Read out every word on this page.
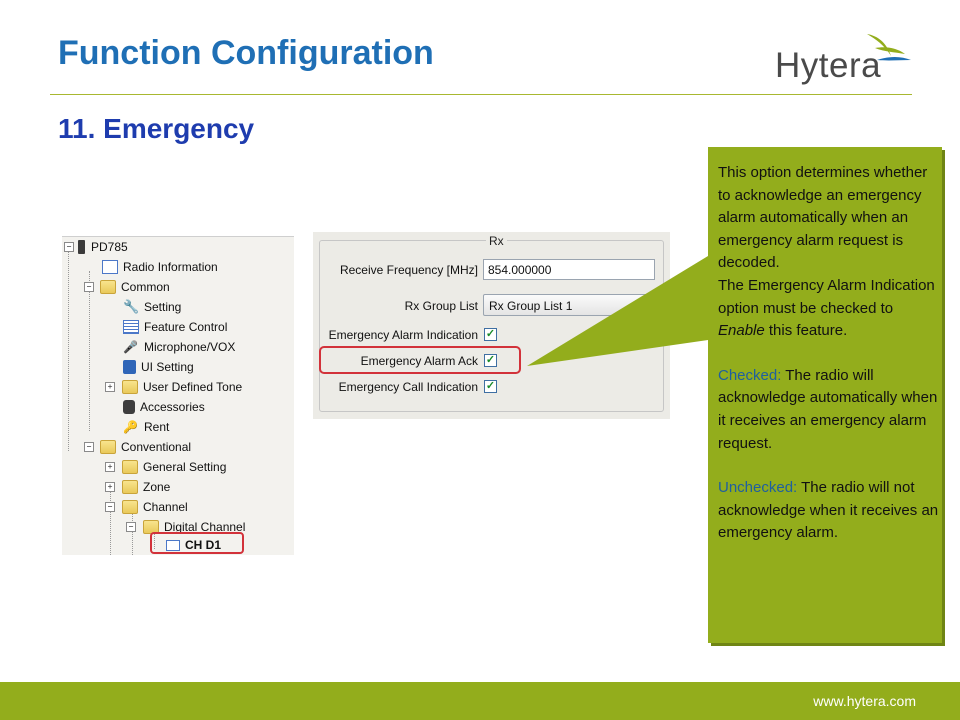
Function Configuration	Hytera
11. Emergency
− PD785
Radio Information
− Common
🔧 Setting
Feature Control
🎤 Microphone/VOX
UI Setting
+	User Defined Tone
Accessories
🔑 Rent
− Conventional
+	General Setting
+	Zone
−	Channel
−	Digital Channel
CH D1
Rx
Receive Frequency [MHz] 854.000000
Rx Group List Rx Group List 1
Emergency Alarm Indication ✓
Emergency Alarm Ack ✓
Emergency Call Indication ✓

This option determines whether to acknowledge an emergency alarm automatically when an emergency alarm request is decoded.

The Emergency Alarm Indication option must be checked to Enable this feature.

Checked: The radio will acknowledge automatically when it receives an emergency alarm request.

Unchecked: The radio will not acknowledge when it receives an emergency alarm.

www.hytera.com
